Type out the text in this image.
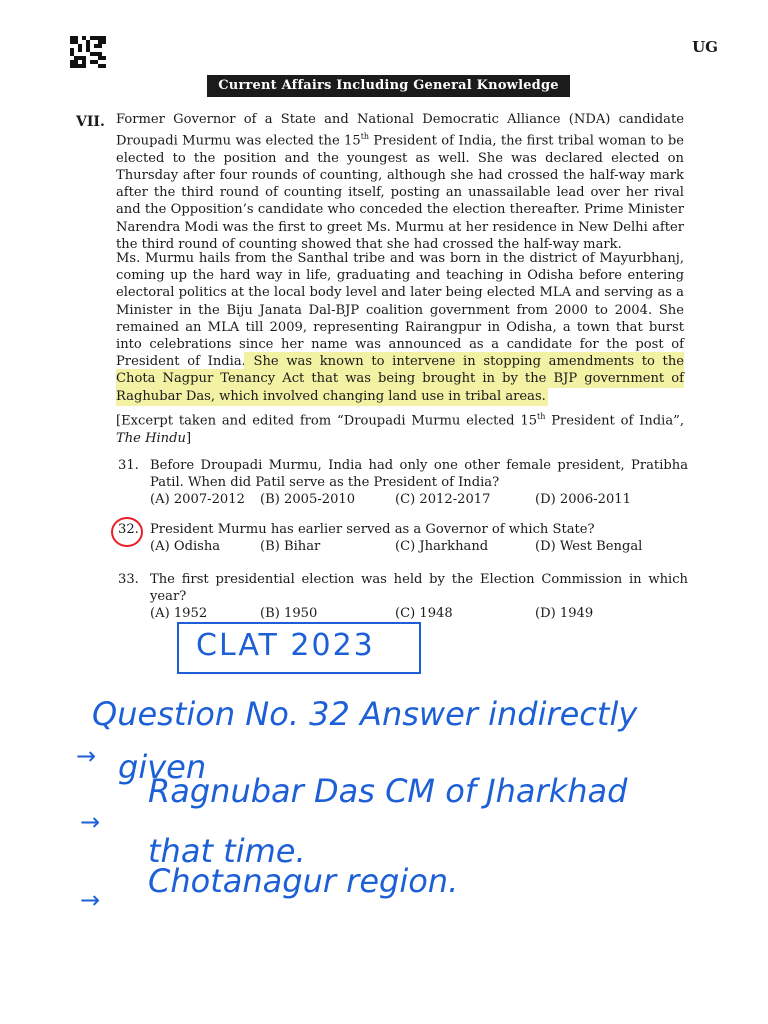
UG
Current Affairs Including General Knowledge
VII. Former Governor of a State and National Democratic Alliance (NDA) candidate Droupadi Murmu was elected the 15th President of India, the first tribal woman to be elected to the position and the youngest as well. She was declared elected on Thursday after four rounds of counting, although she had crossed the half-way mark after the third round of counting itself, posting an unassailable lead over her rival and the Opposition’s candidate who conceded the election thereafter. Prime Minister Narendra Modi was the first to greet Ms. Murmu at her residence in New Delhi after the third round of counting showed that she had crossed the half-way mark.

Ms. Murmu hails from the Santhal tribe and was born in the district of Mayurbhanj, coming up the hard way in life, graduating and teaching in Odisha before entering electoral politics at the local body level and later being elected MLA and serving as a Minister in the Biju Janata Dal-BJP coalition government from 2000 to 2004. She remained an MLA till 2009, representing Rairangpur in Odisha, a town that burst into celebrations since her name was announced as a candidate for the post of President of India. She was known to intervene in stopping amendments to the Chota Nagpur Tenancy Act that was being brought in by the BJP government of Raghubar Das, which involved changing land use in tribal areas.

[Excerpt taken and edited from “Droupadi Murmu elected 15th President of India”, The Hindu]

31. Before Droupadi Murmu, India had only one other female president, Pratibha Patil. When did Patil serve as the President of India?
(A) 2007-2012 (B) 2005-2010	(C) 2012-2017	(D) 2006-2011
32. President Murmu has earlier served as a Governor of which State?
(A) Odisha	(B) Bihar	(C) Jharkhand	(D) West Bengal
33. The first presidential election was held by the Election Commission in which year?
(A) 1952	(B) 1950	(C) 1948	(D) 1949
CLAT 2023
Question No. 32 Answer indirectly
→ given
→
Ragnubar Das CM of Jharkhad
that time.
→ Chotanagur region.
